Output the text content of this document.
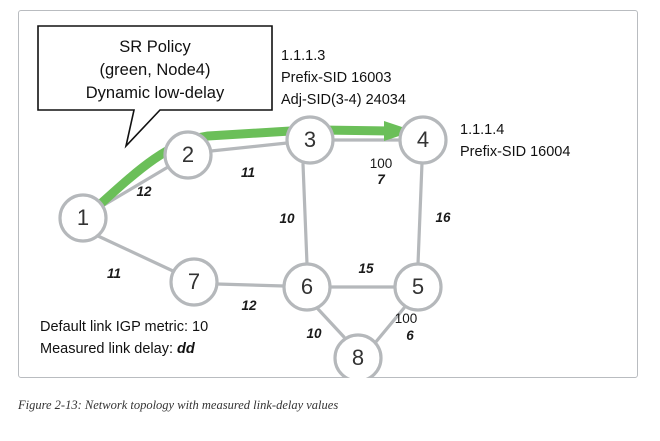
1
2
3	4
5
6
7
8
12
11
100
7
10	16
11
12
15
10
100
6
1.1.1.3
Prefix-SID 16003
Adj-SID(3-4) 24034
1.1.1.4
Prefix-SID 16004
Default link IGP metric: 10
Measured link delay: dd
SR Policy
(green, Node4)
Dynamic low-delay
Figure 2-13: Network topology with measured link-delay values
